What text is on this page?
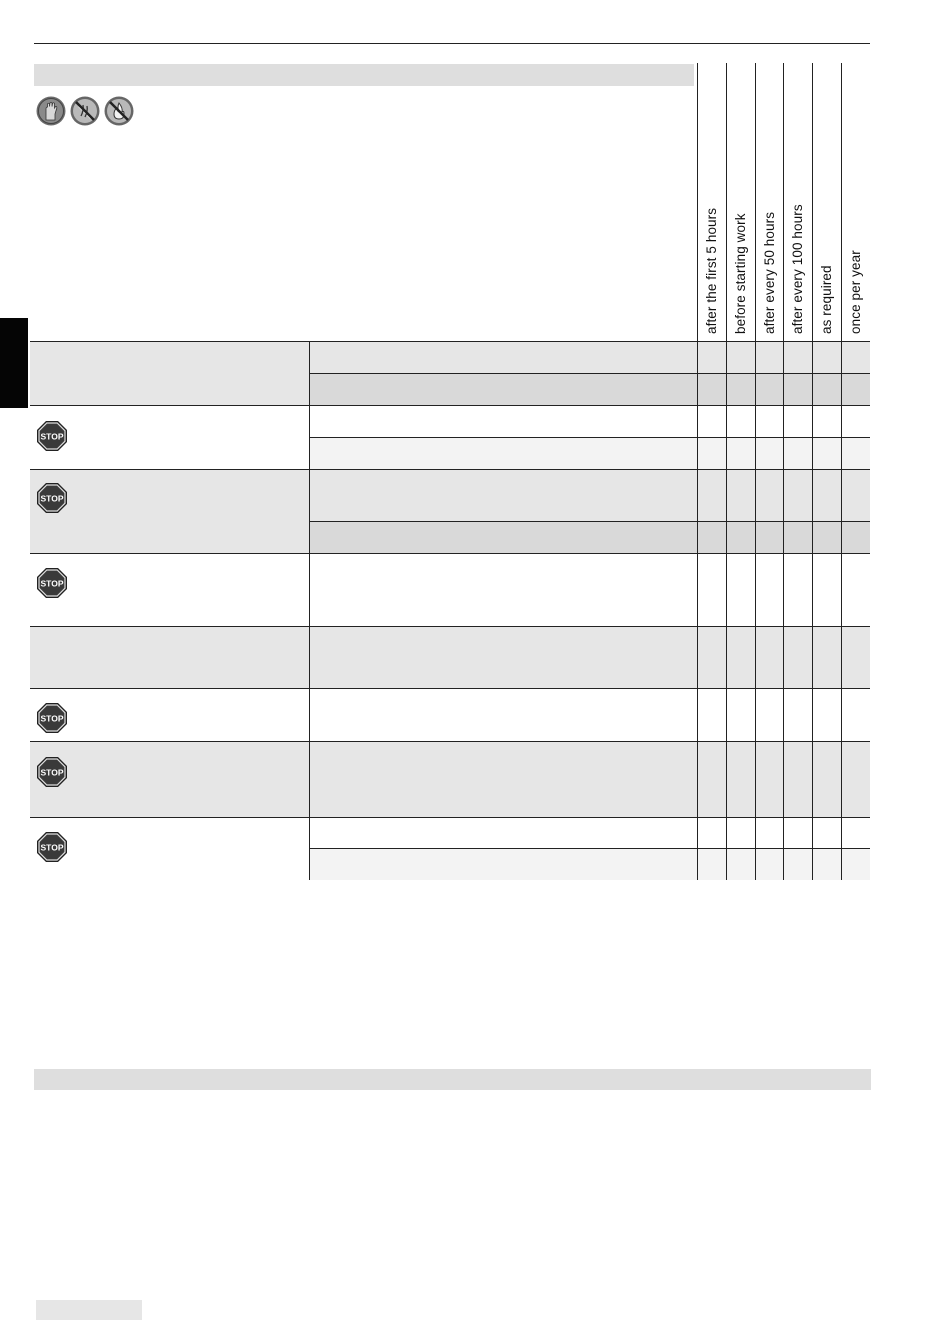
after the first 5 hours before starting work after every 50 hours after every 100 hours as required once per year
STOP
STOP
STOP
STOP
STOP
STOP
